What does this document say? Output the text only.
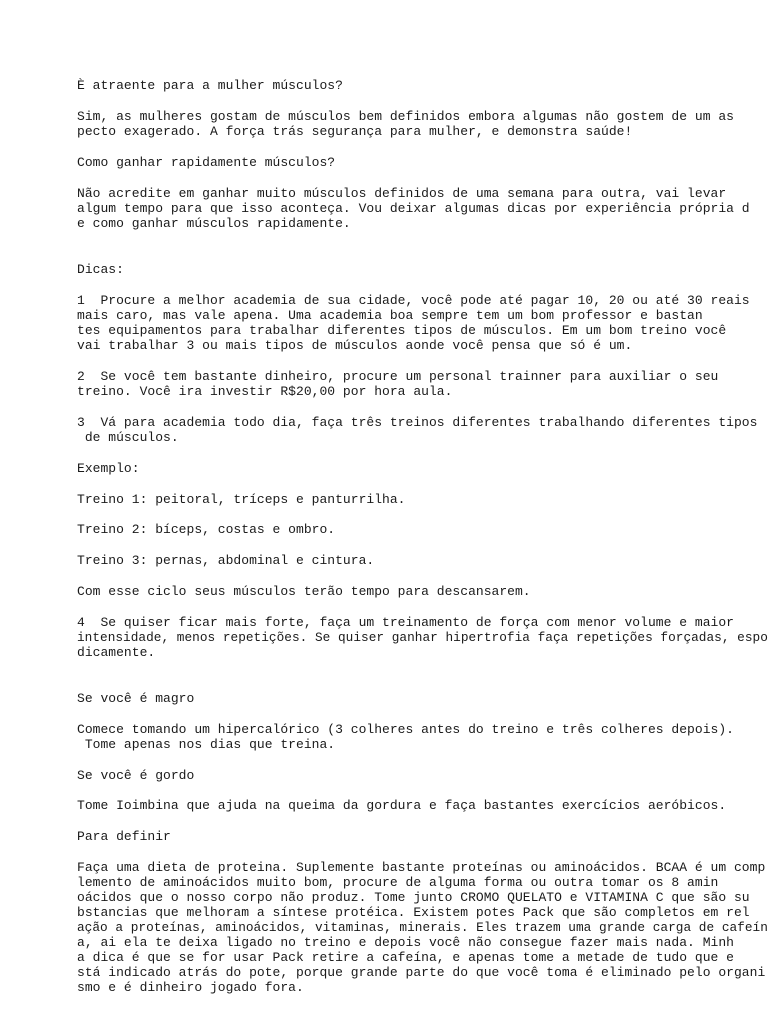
È atraente para a mulher músculos?

Sim, as mulheres gostam de músculos bem definidos embora algumas não gostem de um as

pecto exagerado. A força trás segurança para mulher, e demonstra saúde!

Como ganhar rapidamente músculos?

Não acredite em ganhar muito músculos definidos de uma semana para outra, vai levar

algum tempo para que isso aconteça. Vou deixar algumas dicas por experiência própria d

e como ganhar músculos rapidamente.

Dicas:

1  Procure a melhor academia de sua cidade, você pode até pagar 10, 20 ou até 30 reais

mais caro, mas vale apena. Uma academia boa sempre tem um bom professor e bastan

tes equipamentos para trabalhar diferentes tipos de músculos. Em um bom treino você

vai trabalhar 3 ou mais tipos de músculos aonde você pensa que só é um.

2  Se você tem bastante dinheiro, procure um personal trainner para auxiliar o seu

treino. Você ira investir R$20,00 por hora aula.

3  Vá para academia todo dia, faça três treinos diferentes trabalhando diferentes tipos

de músculos.

Exemplo:

Treino 1: peitoral, tríceps e panturrilha.

Treino 2: bíceps, costas e ombro.

Treino 3: pernas, abdominal e cintura.

Com esse ciclo seus músculos terão tempo para descansarem.

4  Se quiser ficar mais forte, faça um treinamento de força com menor volume e maior

intensidade, menos repetições. Se quiser ganhar hipertrofia faça repetições forçadas, espo

dicamente.

Se você é magro

Comece tomando um hipercalórico (3 colheres antes do treino e três colheres depois).

Tome apenas nos dias que treina.

Se você é gordo

Tome Ioimbina que ajuda na queima da gordura e faça bastantes exercícios aeróbicos.

Para definir

Faça uma dieta de proteina. Suplemente bastante proteínas ou aminoácidos. BCAA é um comp

lemento de aminoácidos muito bom, procure de alguma forma ou outra tomar os 8 amin

oácidos que o nosso corpo não produz. Tome junto CROMO QUELATO e VITAMINA C que são su

bstancias que melhoram a síntese protéica. Existem potes Pack que são completos em rel

ação a proteínas, aminoácidos, vitaminas, minerais. Eles trazem uma grande carga de cafeín

a, ai ela te deixa ligado no treino e depois você não consegue fazer mais nada. Minh

a dica é que se for usar Pack retire a cafeína, e apenas tome a metade de tudo que e

stá indicado atrás do pote, porque grande parte do que você toma é eliminado pelo organi

smo e é dinheiro jogado fora.
